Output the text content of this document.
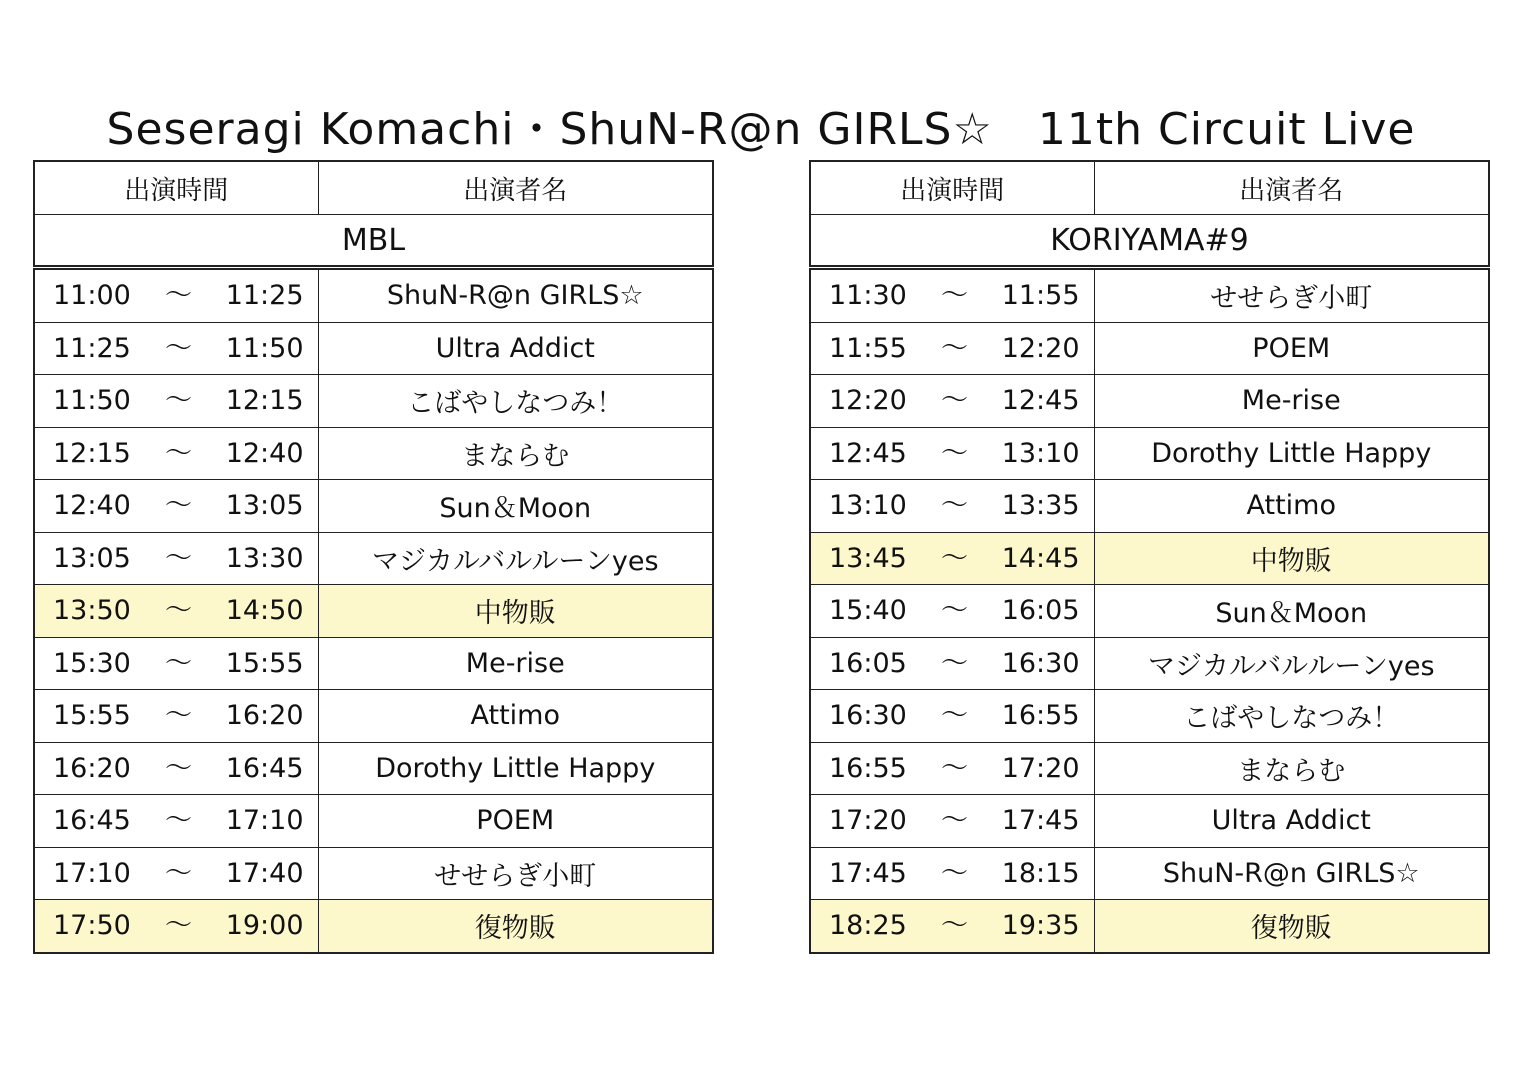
Seseragi Komachi・ShuN-R@n GIRLS☆   11th Circuit Live
出演時間	出演者名
MBL	

11:00 ～ 11:25	ShuN-R@n GIRLS☆

11:25 ～ 11:50	Ultra Addict

11:50 ～ 12:15	こばやしなつみ！

12:15 ～ 12:40	まならむ

12:40 ～ 13:05	Sun＆Moon

13:05 ～ 13:30	マジカルバルルーンyes

13:50 ～ 14:50	中物販

15:30 ～ 15:55	Me-rise

15:55 ～ 16:20	Attimo

16:20 ～ 16:45	Dorothy Little Happy

16:45 ～ 17:10	POEM

17:10 ～ 17:40	せせらぎ小町

17:50 ～ 19:00	復物販
出演時間	出演者名
KORIYAMA#9	

11:30 ～ 11:55	せせらぎ小町

11:55 ～ 12:20	POEM

12:20 ～ 12:45	Me-rise

12:45 ～ 13:10	Dorothy Little Happy

13:10 ～ 13:35	Attimo

13:45 ～ 14:45	中物販

15:40 ～ 16:05	Sun＆Moon

16:05 ～ 16:30	マジカルバルルーンyes

16:30 ～ 16:55	こばやしなつみ！

16:55 ～ 17:20	まならむ

17:20 ～ 17:45	Ultra Addict

17:45 ～ 18:15	ShuN-R@n GIRLS☆

18:25 ～ 19:35	復物販
